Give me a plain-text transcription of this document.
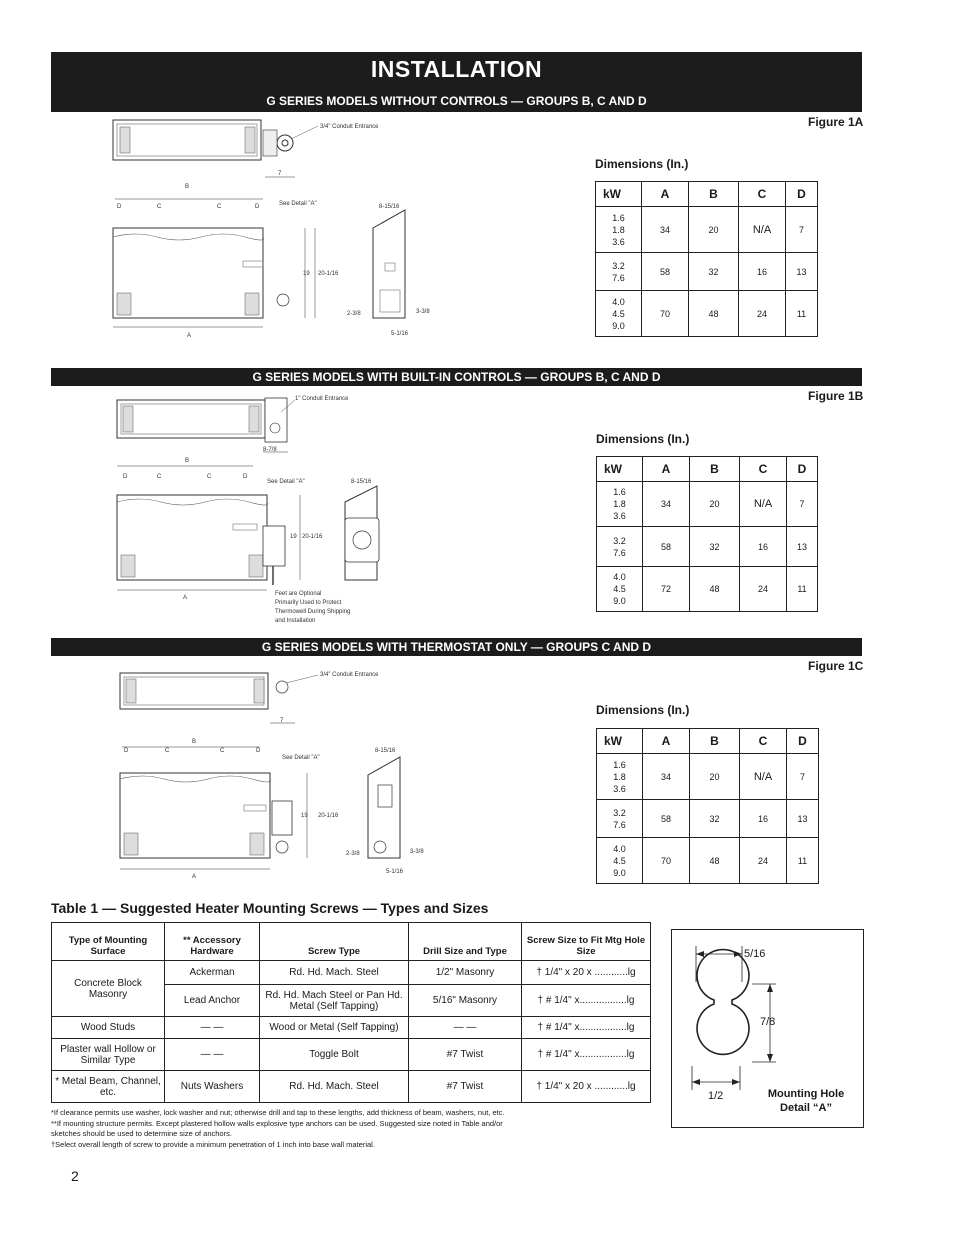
INSTALLATION
G SERIES MODELS WITHOUT CONTROLS — GROUPS B, C AND D
Figure 1A
Dimensions (In.)
3/4" Conduit Entrance
7
B
D	C	C	D	See Detail "A"
19 20-1/16
A
8-15/16
2-3/8	3-3/8
5-1/16
kW	A	B	C	D
1.6
1.8
3.6	34	20	N/A	7
3.2
7.6	58	32	16	13
4.0
4.5
9.0	70	48	24	11
G SERIES MODELS WITH BUILT-IN CONTROLS — GROUPS B, C AND D
Figure 1B
Dimensions (In.)
1" Conduit Entrance
8-7/8
B
D	C	C	D
See Detail "A"
19 20-1/16
A
Feet are Optional
Primarily Used to Protect
Thermowell During Shipping
and Installation
8-15/16
kW	A	B	C	D
1.6
1.8
3.6	34	20	N/A	7
3.2
7.6	58	32	16	13
4.0
4.5
9.0	72	48	24	11
G SERIES MODELS WITH THERMOSTAT ONLY — GROUPS C AND D
Figure 1C
Dimensions (In.)
3/4" Conduit Entrance
7
B
D	C	C	D
See Detail "A"
19 20-1/16
A
8-15/16
2-3/8	3-3/8
5-1/16
kW	A	B	C	D
1.6
1.8
3.6	34	20	N/A	7
3.2
7.6	58	32	16	13
4.0
4.5
9.0	70	48	24	11
Table 1 — Suggested Heater Mounting Screws — Types and Sizes
Type of Mounting Surface	** Accessory Hardware	Screw Type	Drill Size and Type	Screw Size to Fit Mtg Hole Size
Concrete Block Masonry	Ackerman	Rd. Hd. Mach. Steel	1/2" Masonry	† 1/4" x 20 x ............lg
	Lead Anchor	Rd. Hd. Mach Steel or Pan Hd. Metal (Self Tapping)	5/16" Masonry	† # 1/4" x.................lg
Wood Studs	— —	Wood or Metal (Self Tapping)	— —	† # 1/4" x.................lg
Plaster wall Hollow or Similar Type	— —	Toggle Bolt	#7 Twist	† # 1/4" x.................lg
* Metal Beam, Channel, etc.	Nuts Washers	Rd. Hd. Mach. Steel	#7 Twist	† 1/4" x 20 x ............lg
*If clearance permits use washer, lock washer and nut; otherwise drill and tap to these lengths, add thickness of beam, washers, nut, etc.
**If mounting structure permits. Except plastered hollow walls explosive type anchors can be used. Suggested size noted in Table and/or
sketches should be used to determine size of anchors.
†Select overall length of screw to provide a minimum penetration of 1 inch into base wall material.
5/16
7/8
1/2	Mounting Hole
Detail “A”
2
